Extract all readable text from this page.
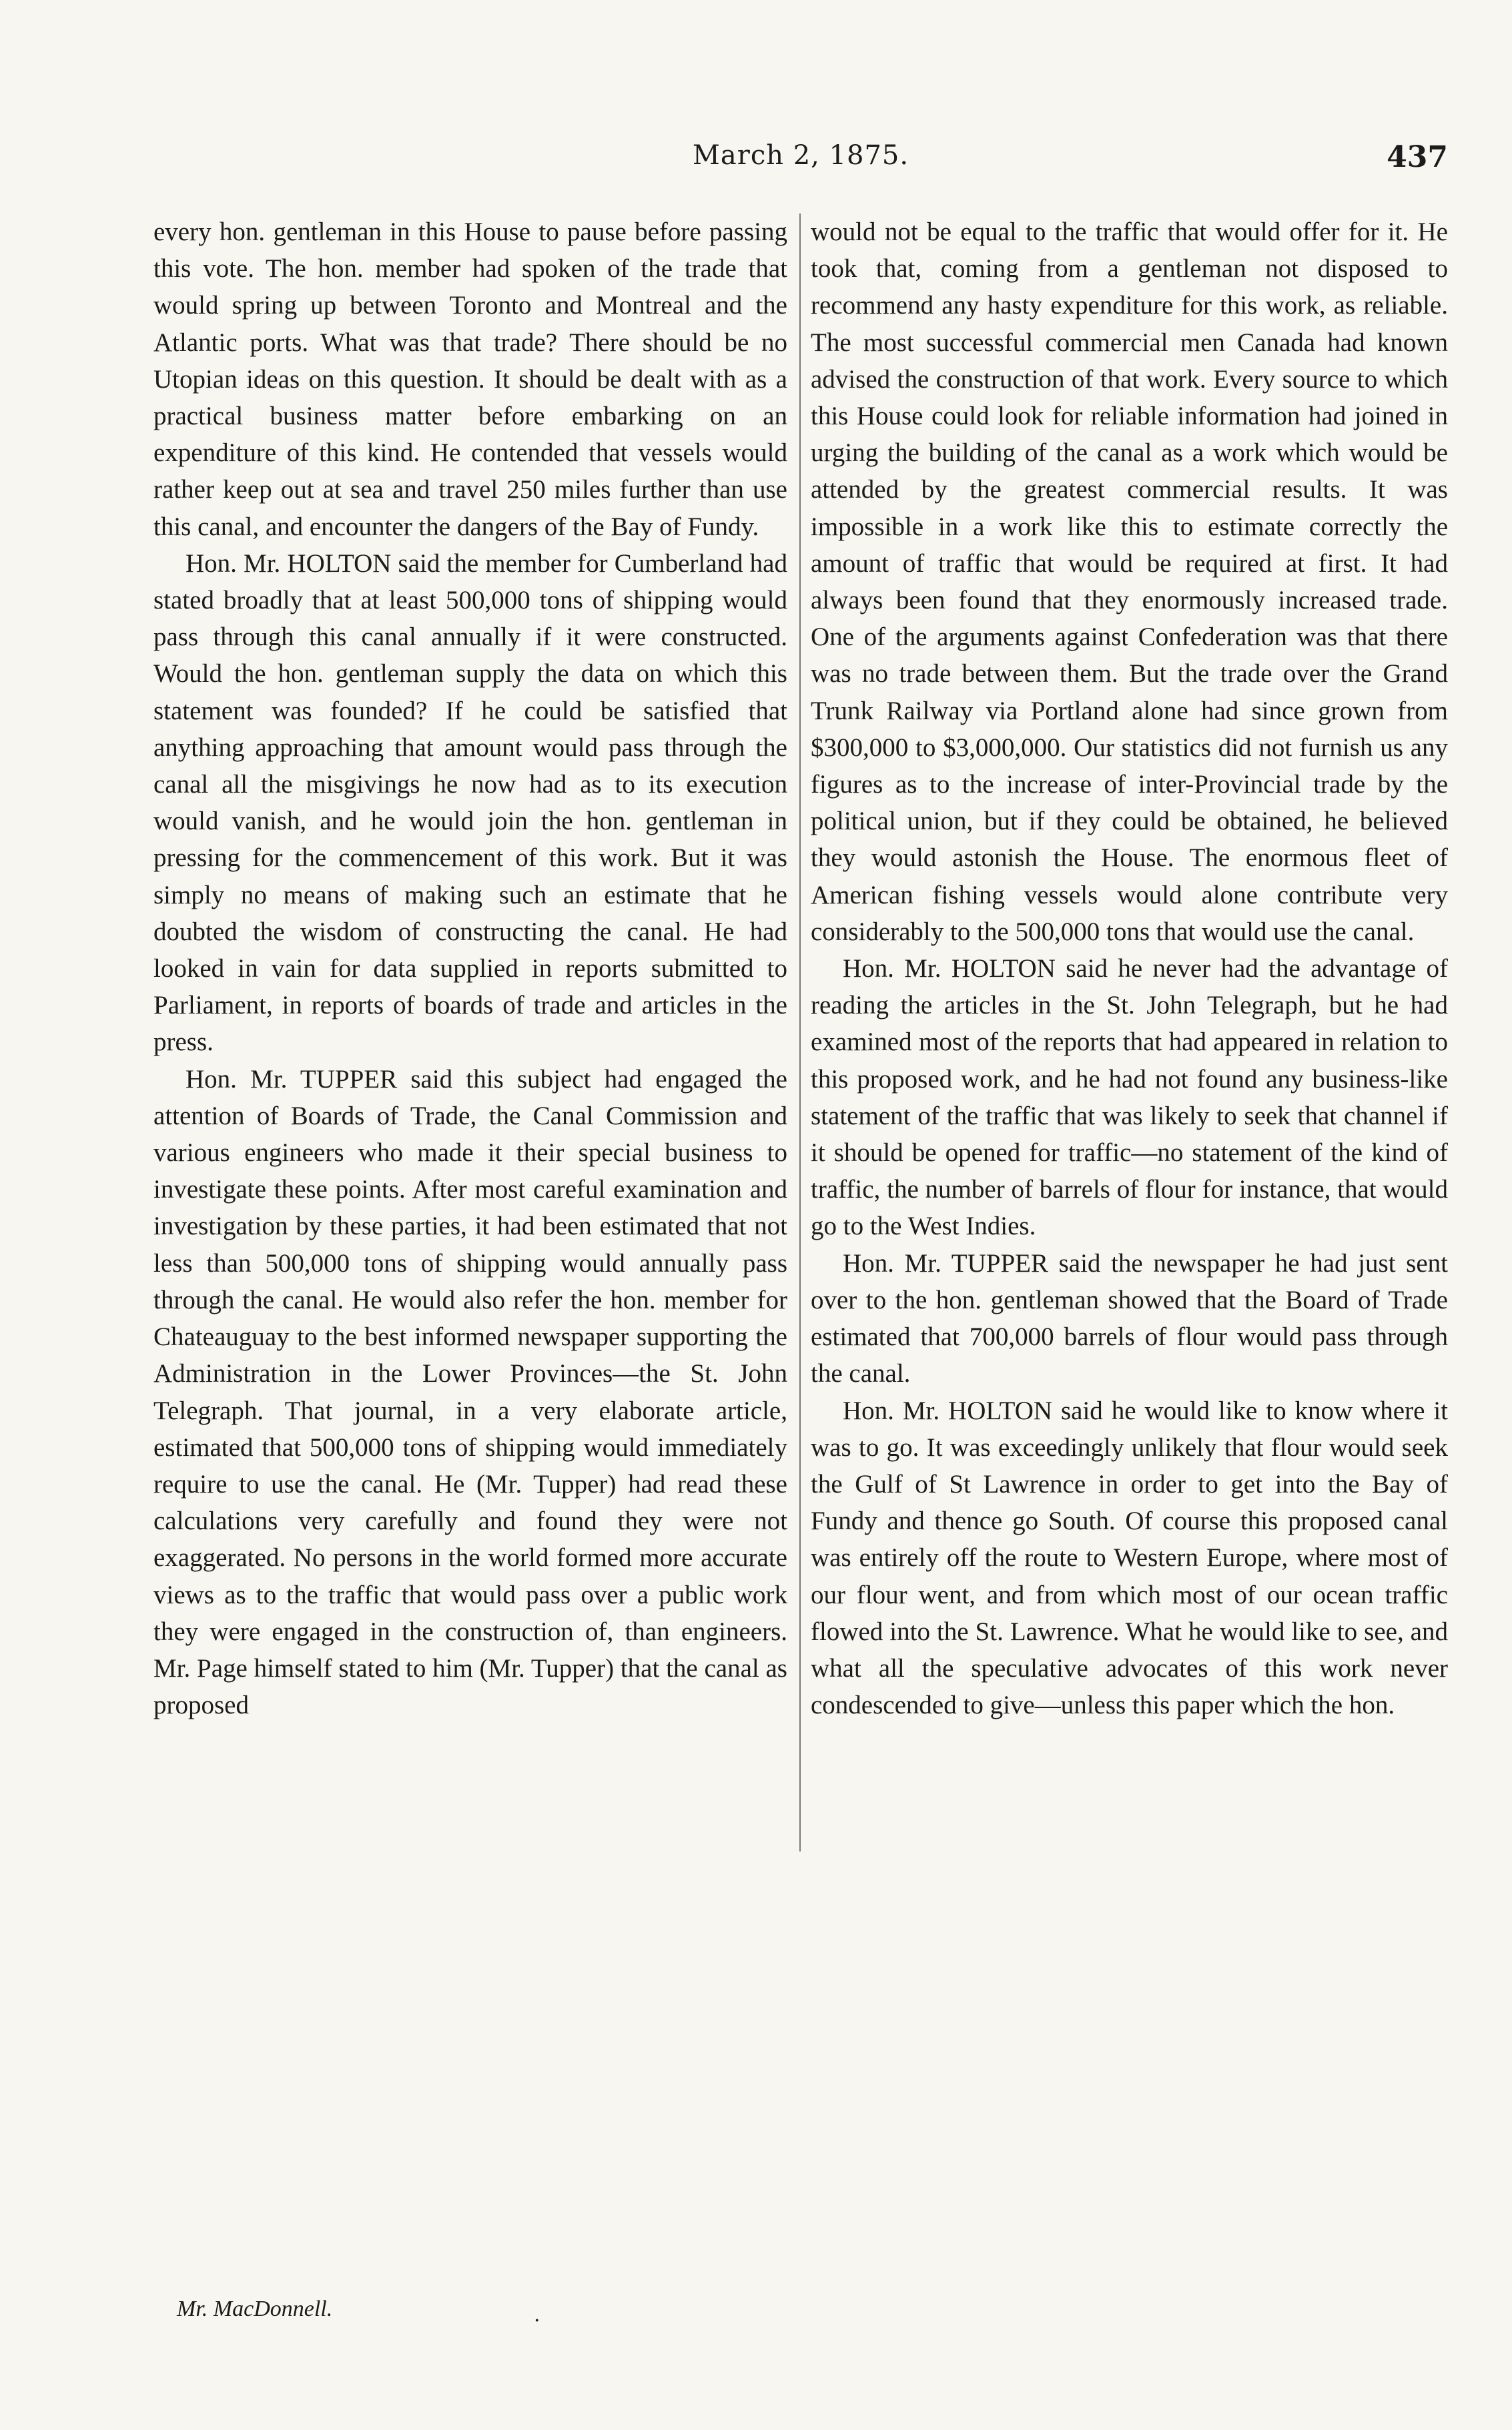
March 2, 1875.	437

every hon. gentleman in this House to pause before passing this vote. The hon. member had spoken of the trade that would spring up between Toronto and Montreal and the Atlantic ports. What was that trade? There should be no Utopian ideas on this question. It should be dealt with as a practical business matter before embarking on an expenditure of this kind. He contended that vessels would rather keep out at sea and travel 250 miles further than use this canal, and encounter the dangers of the Bay of Fundy.

Hon. Mr. HOLTON said the member for Cumberland had stated broadly that at least 500,000 tons of shipping would pass through this canal annually if it were constructed. Would the hon. gentleman supply the data on which this statement was founded? If he could be satisfied that anything approaching that amount would pass through the canal all the misgivings he now had as to its execution would vanish, and he would join the hon. gentleman in pressing for the commencement of this work. But it was simply no means of making such an estimate that he doubted the wisdom of constructing the canal. He had looked in vain for data supplied in reports submitted to Parliament, in reports of boards of trade and articles in the press.

Hon. Mr. TUPPER said this subject had engaged the attention of Boards of Trade, the Canal Commission and various engineers who made it their special business to investigate these points. After most careful examination and investigation by these parties, it had been estimated that not less than 500,000 tons of shipping would annually pass through the canal. He would also refer the hon. member for Chateauguay to the best informed newspaper supporting the Administration in the Lower Provinces—the St. John Telegraph. That journal, in a very elaborate article, estimated that 500,000 tons of shipping would immediately require to use the canal. He (Mr. Tupper) had read these calculations very carefully and found they were not exaggerated. No persons in the world formed more accurate views as to the traffic that would pass over a public work they were engaged in the construction of, than engineers. Mr. Page himself stated to him (Mr. Tupper) that the canal as proposed

would not be equal to the traffic that would offer for it. He took that, coming from a gentleman not disposed to recommend any hasty expenditure for this work, as reliable. The most successful commercial men Canada had known advised the construction of that work. Every source to which this House could look for reliable information had joined in urging the building of the canal as a work which would be attended by the greatest commercial results. It was impossible in a work like this to estimate correctly the amount of traffic that would be required at first. It had always been found that they enormously increased trade. One of the arguments against Confederation was that there was no trade between them. But the trade over the Grand Trunk Railway via Portland alone had since grown from $300,000 to $3,000,000. Our statistics did not furnish us any figures as to the increase of inter-Provincial trade by the political union, but if they could be obtained, he believed they would astonish the House. The enormous fleet of American fishing vessels would alone contribute very considerably to the 500,000 tons that would use the canal.

Hon. Mr. HOLTON said he never had the advantage of reading the articles in the St. John Telegraph, but he had examined most of the reports that had appeared in relation to this proposed work, and he had not found any business-like statement of the traffic that was likely to seek that channel if it should be opened for traffic—no statement of the kind of traffic, the number of barrels of flour for instance, that would go to the West Indies.

Hon. Mr. TUPPER said the newspaper he had just sent over to the hon. gentleman showed that the Board of Trade estimated that 700,000 barrels of flour would pass through the canal.

Hon. Mr. HOLTON said he would like to know where it was to go. It was exceedingly unlikely that flour would seek the Gulf of St Lawrence in order to get into the Bay of Fundy and thence go South. Of course this proposed canal was entirely off the route to Western Europe, where most of our flour went, and from which most of our ocean traffic flowed into the St. Lawrence. What he would like to see, and what all the speculative advocates of this work never condescended to give—unless this paper which the hon.

Mr. MacDonnell.	.
